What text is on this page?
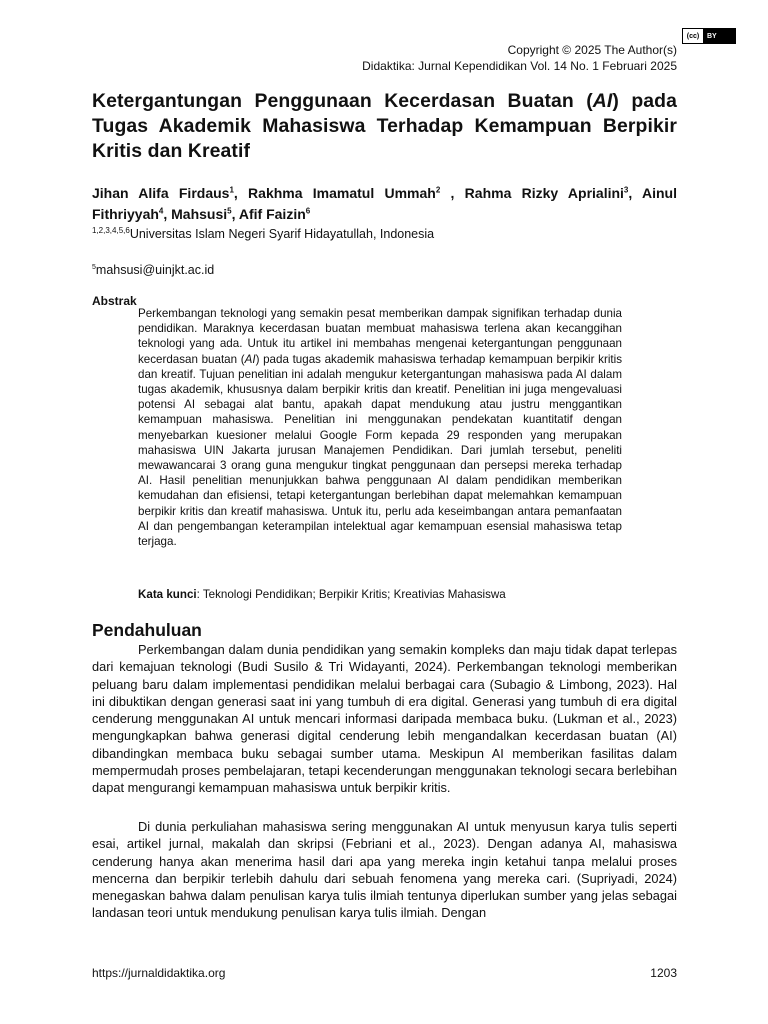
(cc)	BY
Copyright © 2025 The Author(s)
Didaktika: Jurnal Kependidikan Vol. 14 No. 1 Februari 2025
Ketergantungan Penggunaan Kecerdasan Buatan (AI) pada Tugas Akademik Mahasiswa Terhadap Kemampuan Berpikir Kritis dan Kreatif

Jihan Alifa Firdaus$^1$, Rakhma Imamatul Ummah$^2$ , Rahma Rizky Aprialini$^3$, Ainul Fithriyyah$^4$, Mahsusi$^5$, Afif Faizin$^6$

$^{1,2,3,4,5,6}$Universitas Islam Negeri Syarif Hidayatullah, Indonesia
$^5$mahsusi@uinjkt.ac.id
Abstrak

Perkembangan teknologi yang semakin pesat memberikan dampak signifikan terhadap dunia pendidikan. Maraknya kecerdasan buatan membuat mahasiswa terlena akan kecanggihan teknologi yang ada. Untuk itu artikel ini membahas mengenai ketergantungan penggunaan kecerdasan buatan (AI) pada tugas akademik mahasiswa terhadap kemampuan berpikir kritis dan kreatif. Tujuan penelitian ini adalah mengukur ketergantungan mahasiswa pada AI dalam tugas akademik, khususnya dalam berpikir kritis dan kreatif. Penelitian ini juga mengevaluasi potensi AI sebagai alat bantu, apakah dapat mendukung atau justru menggantikan kemampuan mahasiswa. Penelitian ini menggunakan pendekatan kuantitatif dengan menyebarkan kuesioner melalui Google Form kepada 29 responden yang merupakan mahasiswa UIN Jakarta jurusan Manajemen Pendidikan. Dari jumlah tersebut, peneliti mewawancarai 3 orang guna mengukur tingkat penggunaan dan persepsi mereka terhadap AI. Hasil penelitian menunjukkan bahwa penggunaan AI dalam pendidikan memberikan kemudahan dan efisiensi, tetapi ketergantungan berlebihan dapat melemahkan kemampuan berpikir kritis dan kreatif mahasiswa. Untuk itu, perlu ada keseimbangan antara pemanfaatan AI dan pengembangan keterampilan intelektual agar kemampuan esensial mahasiswa tetap terjaga.

Kata kunci: Teknologi Pendidikan; Berpikir Kritis; Kreativias Mahasiswa
Pendahuluan

Perkembangan dalam dunia pendidikan yang semakin kompleks dan maju tidak dapat terlepas dari kemajuan teknologi (Budi Susilo & Tri Widayanti, 2024). Perkembangan teknologi memberikan peluang baru dalam implementasi pendidikan melalui berbagai cara (Subagio & Limbong, 2023). Hal ini dibuktikan dengan generasi saat ini yang tumbuh di era digital. Generasi yang tumbuh di era digital cenderung menggunakan AI untuk mencari informasi daripada membaca buku. (Lukman et al., 2023) mengungkapkan bahwa generasi digital cenderung lebih mengandalkan kecerdasan buatan (AI) dibandingkan membaca buku sebagai sumber utama. Meskipun AI memberikan fasilitas dalam mempermudah proses pembelajaran, tetapi kecenderungan menggunakan teknologi secara berlebihan dapat mengurangi kemampuan mahasiswa untuk berpikir kritis.

Di dunia perkuliahan mahasiswa sering menggunakan AI untuk menyusun karya tulis seperti esai, artikel jurnal, makalah dan skripsi (Febriani et al., 2023). Dengan adanya AI, mahasiswa cenderung hanya akan menerima hasil dari apa yang mereka ingin ketahui tanpa melalui proses mencerna dan berpikir terlebih dahulu dari sebuah fenomena yang mereka cari. (Supriyadi, 2024) menegaskan bahwa dalam penulisan karya tulis ilmiah tentunya diperlukan sumber yang jelas sebagai landasan teori untuk mendukung penulisan karya tulis ilmiah. Dengan

https://jurnaldidaktika.org	1203
